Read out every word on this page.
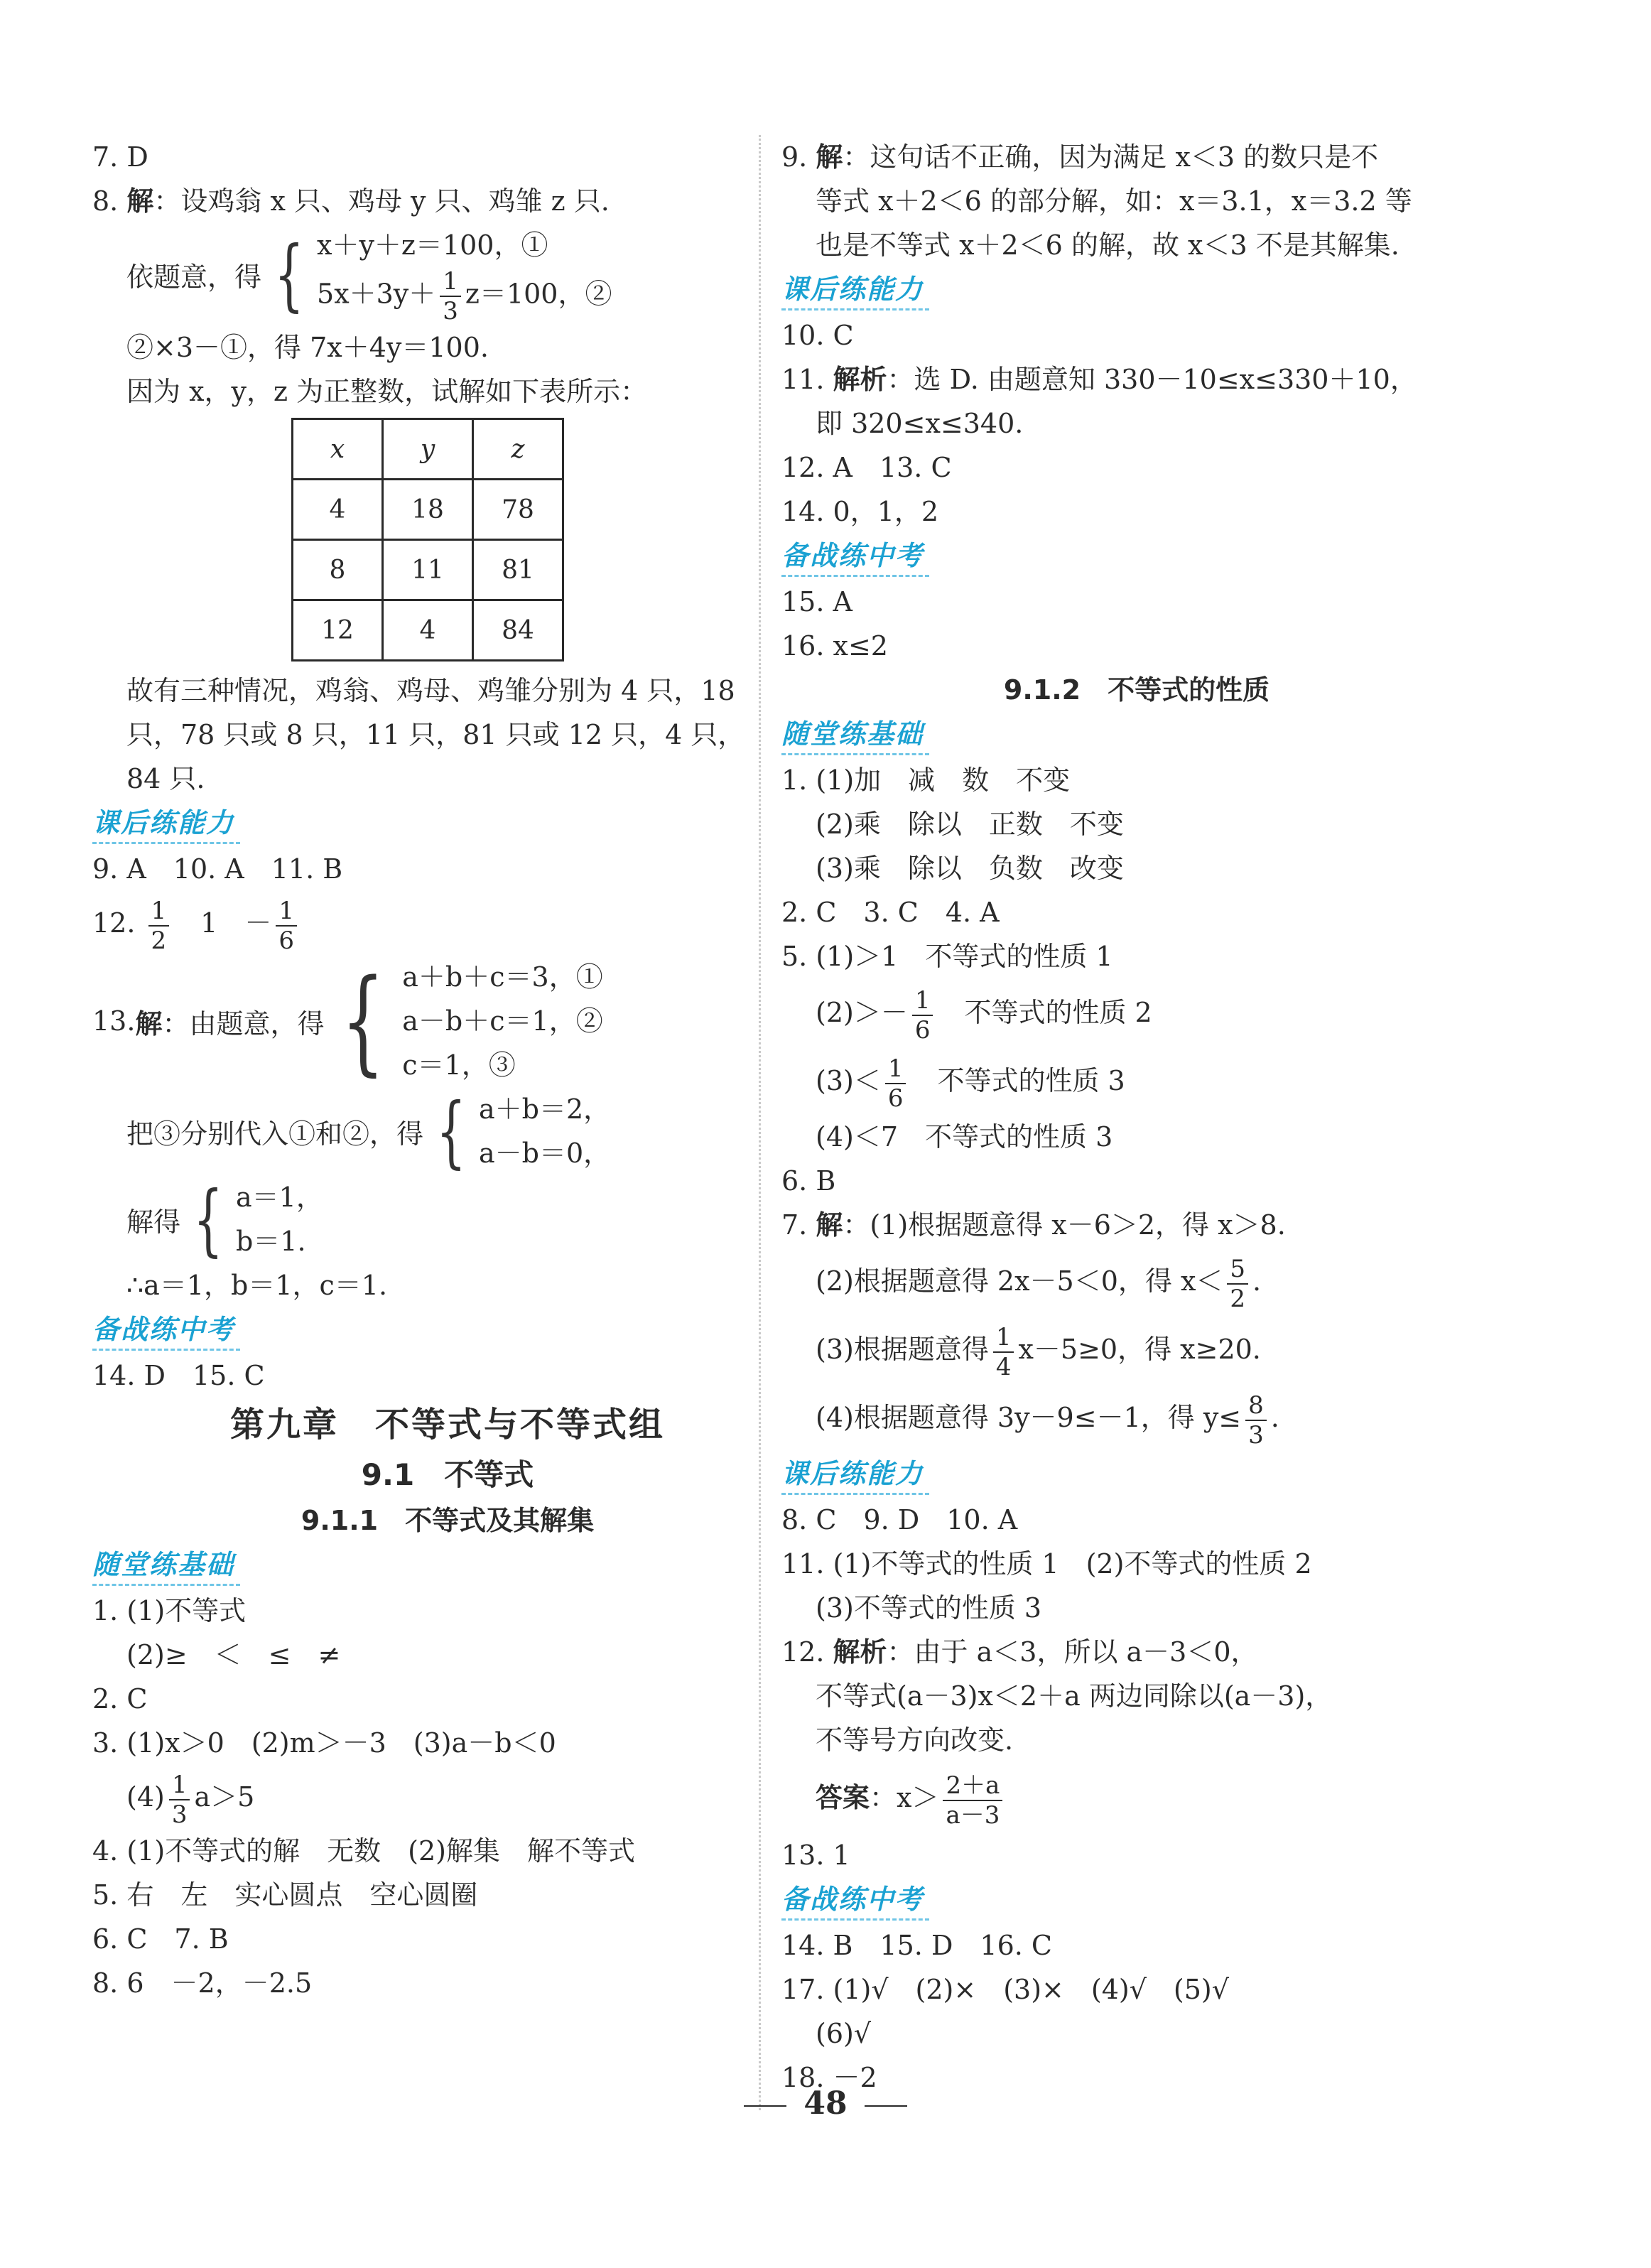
7. D
8. 解：设鸡翁 x 只、鸡母 y 只、鸡雏 z 只.
依题意，得 { x＋y＋z＝100，①
$5x+3y+ \frac{1}{3} z=100$，②
②×3－①，得 7x＋4y＝100.
因为 x，y，z 为正整数，试解如下表所示：
x	y	z
4	18	78
8	11	81
12	4	84
故有三种情况，鸡翁、鸡母、鸡雏分别为 4 只，18
只，78 只或 8 只，11 只，81 只或 12 只，4 只，
84 只.
课后练能力
9. A　10. A　11. B
12. $\frac{1}{2}$ 　1　－ $\frac{1}{6}$
13. 解 ：由题意，得 { a＋b＋c＝3，①
a－b＋c＝1，②
c＝1，③
把③分别代入①和②，得 { a＋b＝2，
a－b＝0，
解得 { a＝1，
b＝1.
∴a＝1，b＝1，c＝1.
备战练中考
14. D　15. C
第九章　不等式与不等式组
9.1　不等式
9.1.1　不等式及其解集
随堂练基础
1. (1)不等式
(2)≥　＜　≤　≠
2. C
3. (1)x＞0　(2)m＞－3　(3)a－b＜0
$(4) \frac{1}{3} a>5$
4. (1)不等式的解　无数　(2)解集　解不等式
5. 右　左　实心圆点　空心圆圈
6. C　7. B
8. 6　－2，－2.5
9. 解：这句话不正确，因为满足 x＜3 的数只是不
等式 x＋2＜6 的部分解，如：x＝3.1，x＝3.2 等
也是不等式 x＋2＜6 的解，故 x＜3 不是其解集.
课后练能力
10. C
11. 解析：选 D. 由题意知 330－10≤x≤330＋10，
即 320≤x≤340.
12. A　13. C
14. 0，1，2
备战练中考
15. A
16. x≤2
9.1.2　不等式的性质
随堂练基础
1. (1)加　减　数　不变
(2)乘　除以　正数　不变
(3)乘　除以　负数　改变
2. C　3. C　4. A
5. (1)＞1　不等式的性质 1
$(2)>- \frac{1}{6}$ 　不等式的性质 2
$(3)< \frac{1}{6}$ 　不等式的性质 3
(4)＜7　不等式的性质 3
6. B
7. 解：(1)根据题意得 x－6＞2，得 x＞8.
(2)根据题意得 2x－5＜0，得 $x< \frac{5}{2}$ .
(3)根据题意得 $\frac{1}{4} x-5\ge 0$，得 x≥20.
(4)根据题意得 3y－9≤－1，得 $y\le \frac{8}{3}$ .
课后练能力
8. C　9. D　10. A
11. (1)不等式的性质 1　(2)不等式的性质 2
(3)不等式的性质 3
12. 解析：由于 a＜3，所以 a－3＜0，
不等式(a－3)x＜2＋a 两边同除以(a－3)，
不等号方向改变.
答案：$x> \frac{2+a}{a-3}$
13. 1
备战练中考
14. B　15. D　16. C
17. (1)√　(2)×　(3)×　(4)√　(5)√
(6)√
18. －2
48
